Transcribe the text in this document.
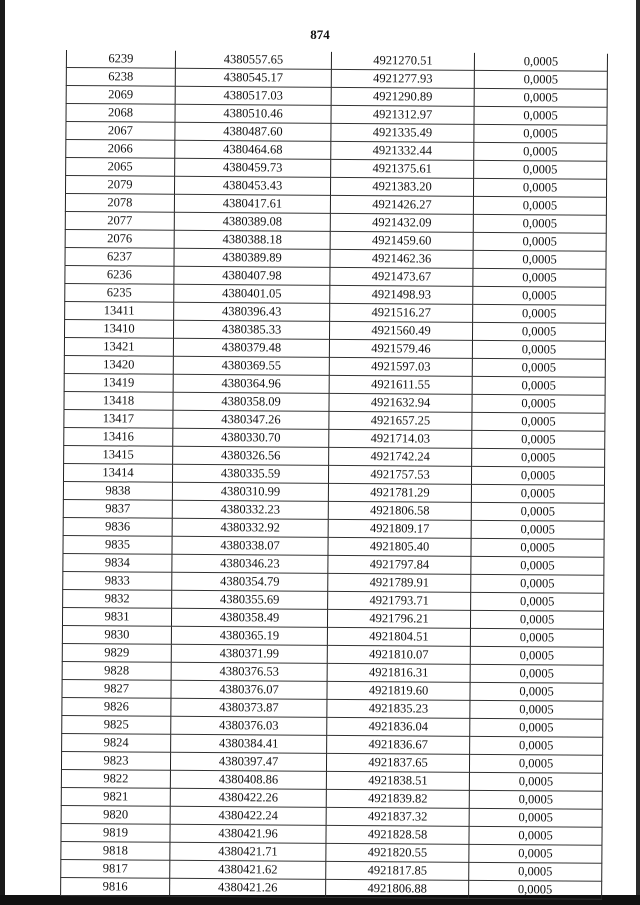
874
6239	4380557.65	4921270.51	0,0005
6238	4380545.17	4921277.93	0,0005
2069	4380517.03	4921290.89	0,0005
2068	4380510.46	4921312.97	0,0005
2067	4380487.60	4921335.49	0,0005
2066	4380464.68	4921332.44	0,0005
2065	4380459.73	4921375.61	0,0005
2079	4380453.43	4921383.20	0,0005
2078	4380417.61	4921426.27	0,0005
2077	4380389.08	4921432.09	0,0005
2076	4380388.18	4921459.60	0,0005
6237	4380389.89	4921462.36	0,0005
6236	4380407.98	4921473.67	0,0005
6235	4380401.05	4921498.93	0,0005
13411	4380396.43	4921516.27	0,0005
13410	4380385.33	4921560.49	0,0005
13421	4380379.48	4921579.46	0,0005
13420	4380369.55	4921597.03	0,0005
13419	4380364.96	4921611.55	0,0005
13418	4380358.09	4921632.94	0,0005
13417	4380347.26	4921657.25	0,0005
13416	4380330.70	4921714.03	0,0005
13415	4380326.56	4921742.24	0,0005
13414	4380335.59	4921757.53	0,0005
9838	4380310.99	4921781.29	0,0005
9837	4380332.23	4921806.58	0,0005
9836	4380332.92	4921809.17	0,0005
9835	4380338.07	4921805.40	0,0005
9834	4380346.23	4921797.84	0,0005
9833	4380354.79	4921789.91	0,0005
9832	4380355.69	4921793.71	0,0005
9831	4380358.49	4921796.21	0,0005
9830	4380365.19	4921804.51	0,0005
9829	4380371.99	4921810.07	0,0005
9828	4380376.53	4921816.31	0,0005
9827	4380376.07	4921819.60	0,0005
9826	4380373.87	4921835.23	0,0005
9825	4380376.03	4921836.04	0,0005
9824	4380384.41	4921836.67	0,0005
9823	4380397.47	4921837.65	0,0005
9822	4380408.86	4921838.51	0,0005
9821	4380422.26	4921839.82	0,0005
9820	4380422.24	4921837.32	0,0005
9819	4380421.96	4921828.58	0,0005
9818	4380421.71	4921820.55	0,0005
9817	4380421.62	4921817.85	0,0005
9816	4380421.26	4921806.88	0,0005
